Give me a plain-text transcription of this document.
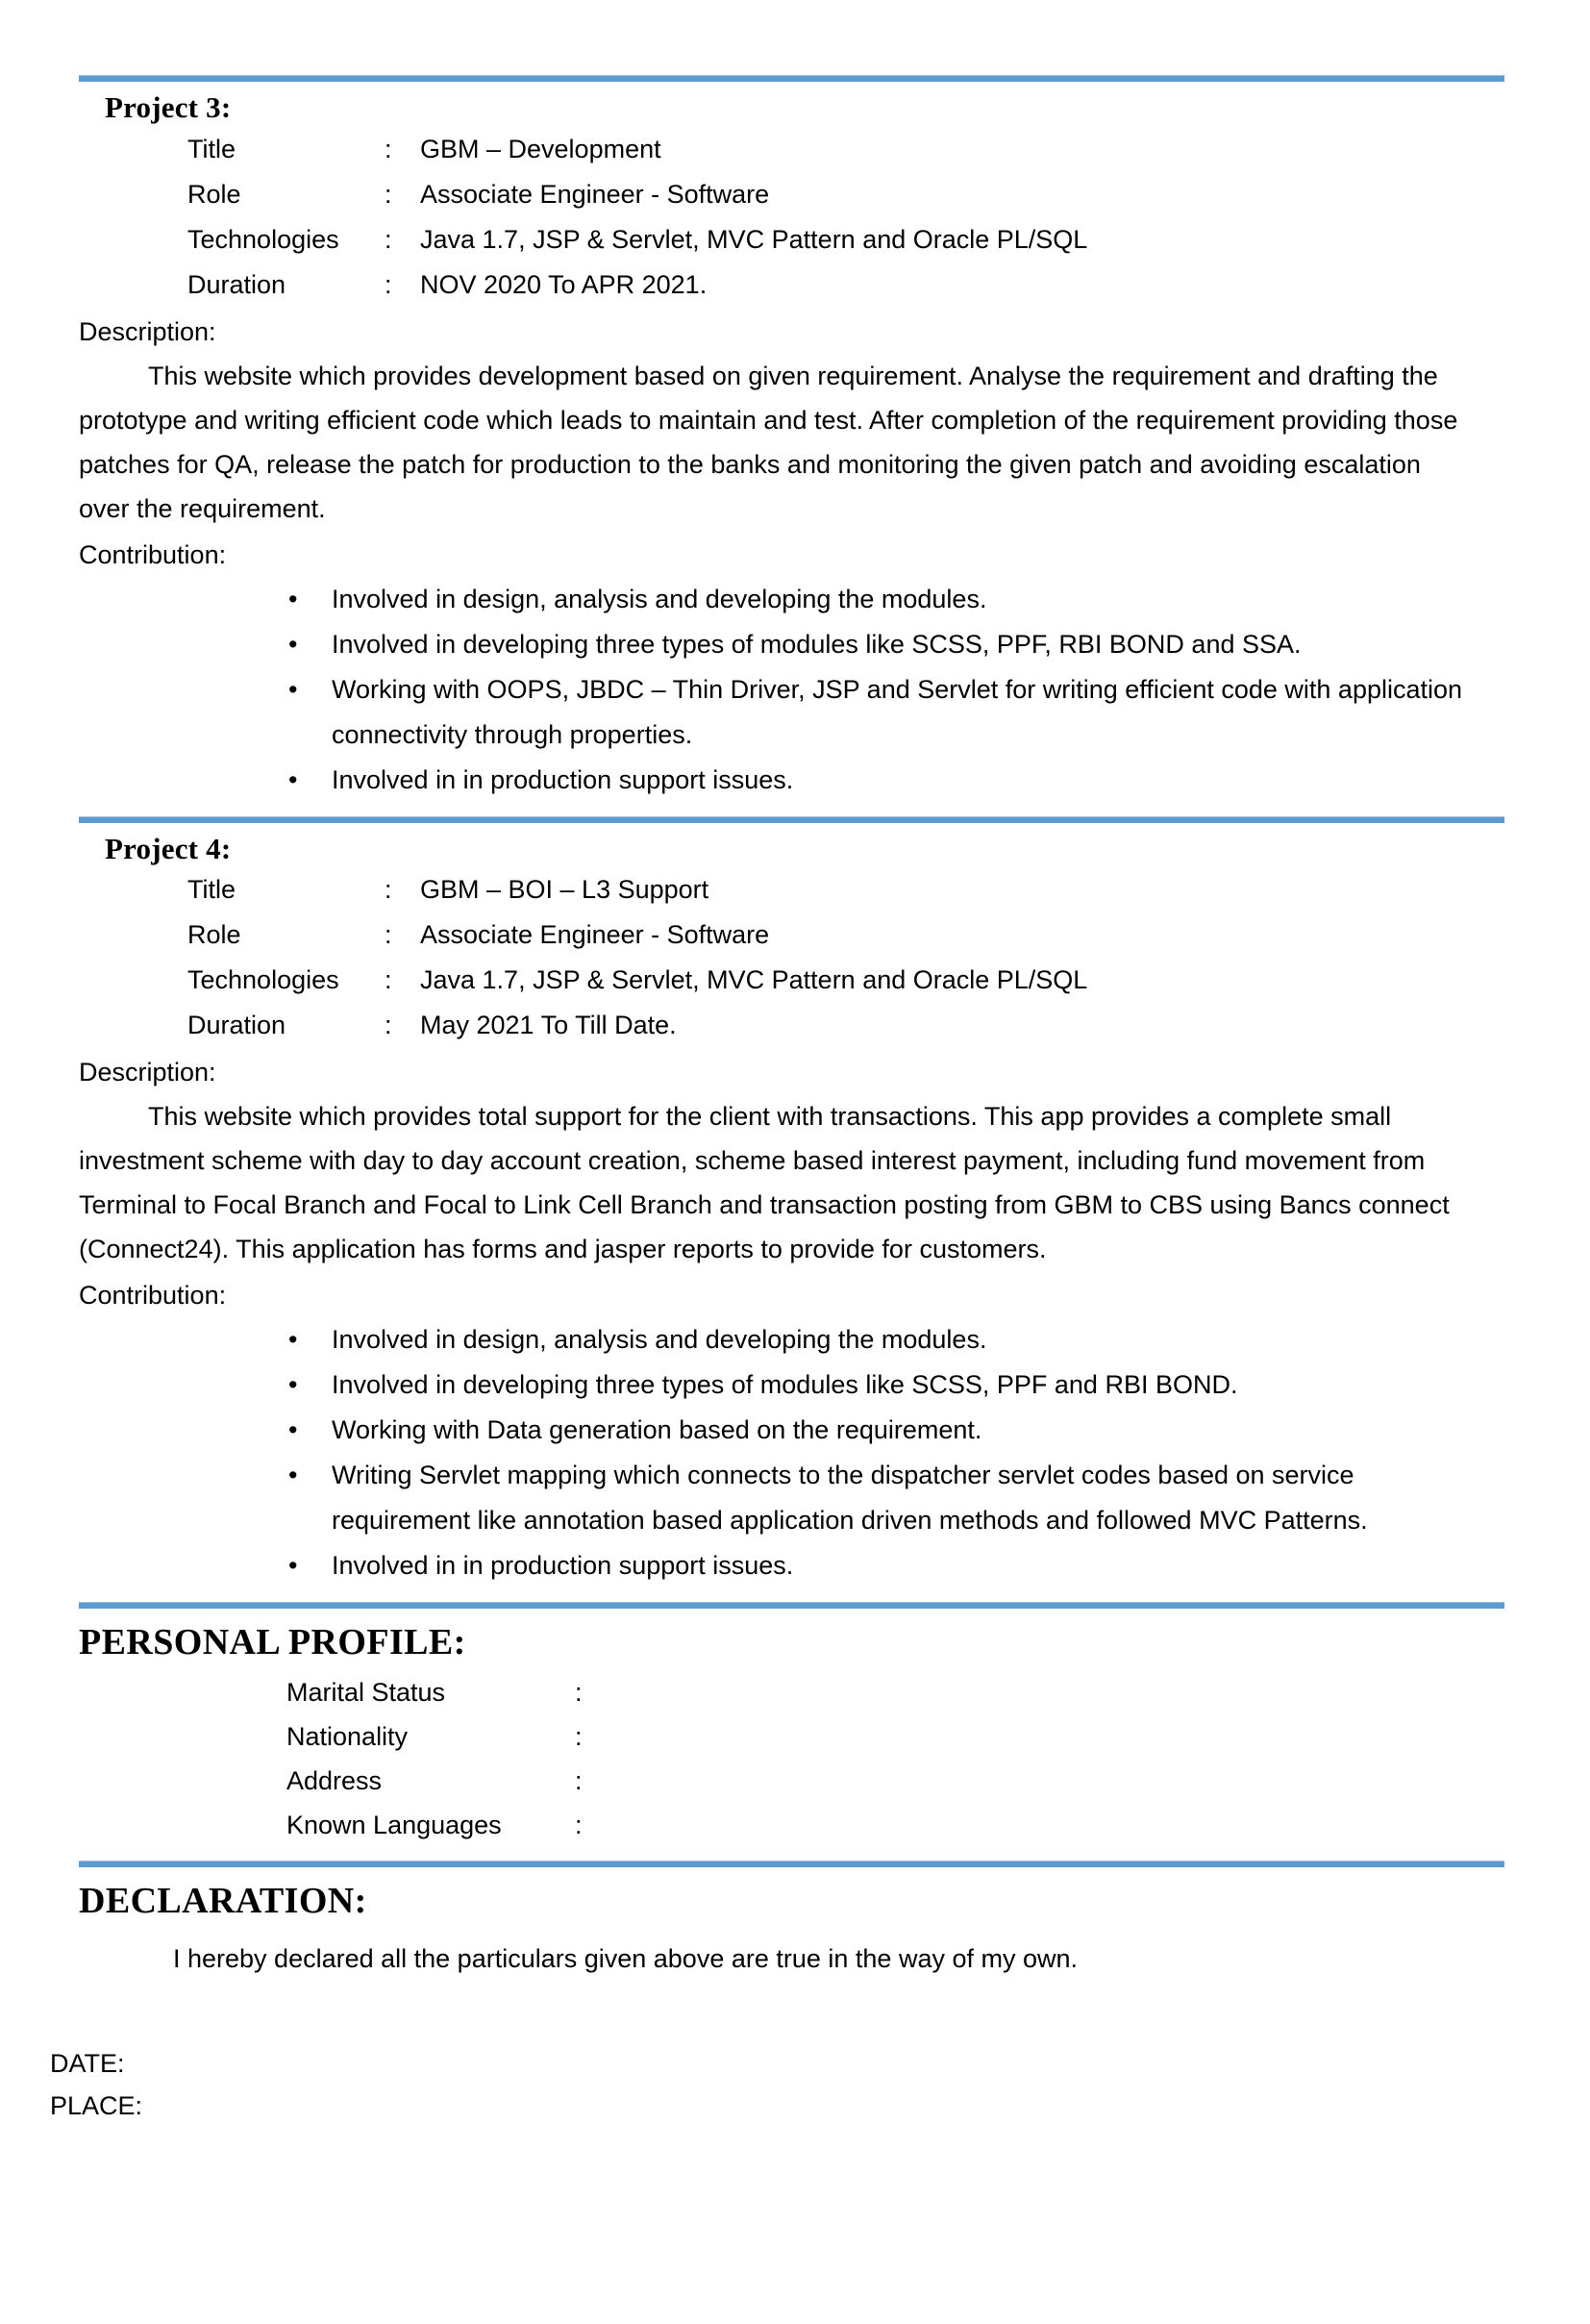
Project 3:
Title	:	GBM – Development
Role	:	Associate Engineer - Software
Technologies	:	Java 1.7, JSP & Servlet, MVC Pattern and Oracle PL/SQL
Duration	:	NOV 2020 To APR 2021.
Description:

This website which provides development based on given requirement. Analyse the requirement and drafting the prototype and writing efficient code which leads to maintain and test. After completion of the requirement providing those patches for QA, release the patch for production to the banks and monitoring the given patch and avoiding escalation over the requirement.

Contribution:
• Involved in design, analysis and developing the modules.
• Involved in developing three types of modules like SCSS, PPF, RBI BOND and SSA.
• Working with OOPS, JBDC – Thin Driver, JSP and Servlet for writing efficient code with application connectivity through properties.
• Involved in in production support issues.
Project 4:
Title	:	GBM – BOI – L3 Support
Role	:	Associate Engineer - Software
Technologies	:	Java 1.7, JSP & Servlet, MVC Pattern and Oracle PL/SQL
Duration	:	May 2021 To Till Date.
Description:

This website which provides total support for the client with transactions. This app provides a complete small investment scheme with day to day account creation, scheme based interest payment, including fund movement from Terminal to Focal Branch and Focal to Link Cell Branch and transaction posting from GBM to CBS using Bancs connect (Connect24). This application has forms and jasper reports to provide for customers.

Contribution:
• Involved in design, analysis and developing the modules.
• Involved in developing three types of modules like SCSS, PPF and RBI BOND.
• Working with Data generation based on the requirement.
• Writing Servlet mapping which connects to the dispatcher servlet codes based on service requirement like annotation based application driven methods and followed MVC Patterns.
• Involved in in production support issues.
PERSONAL PROFILE:
Marital Status	:
Nationality	:
Address	:
Known Languages	:
DECLARATION:
I hereby declared all the particulars given above are true in the way of my own.
DATE:
PLACE:
